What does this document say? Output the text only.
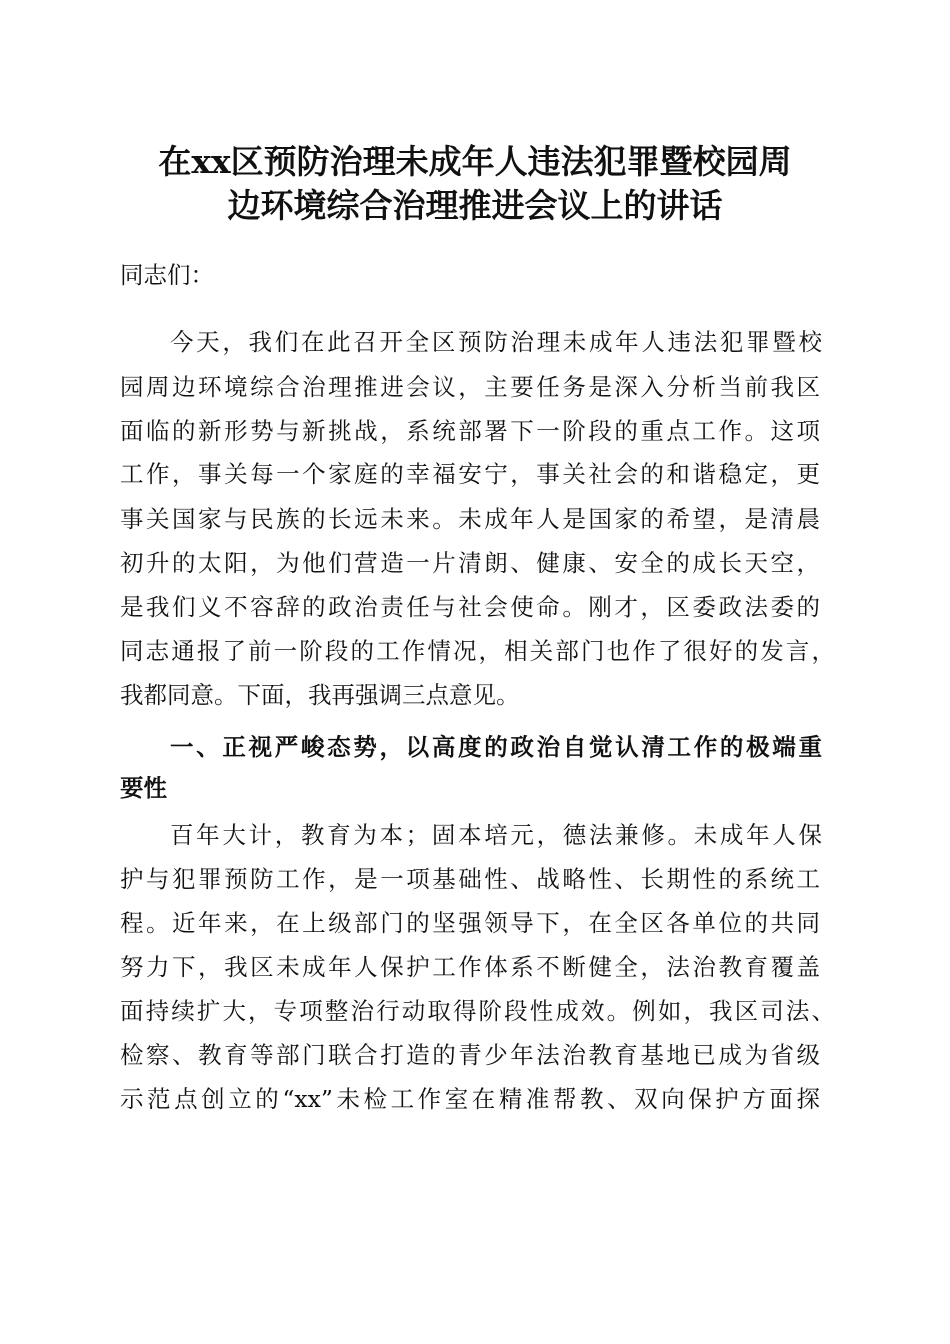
在xx区预防治理未成年人违法犯罪暨校园周
边环境综合治理推进会议上的讲话
同志们：
今天，我们在此召开全区预防治理未成年人违法犯罪暨校
园周边环境综合治理推进会议，主要任务是深入分析当前我区
面临的新形势与新挑战，系统部署下一阶段的重点工作。这项
工作，事关每一个家庭的幸福安宁，事关社会的和谐稳定，更
事关国家与民族的长远未来。未成年人是国家的希望，是清晨
初升的太阳，为他们营造一片清朗、健康、安全的成长天空，
是我们义不容辞的政治责任与社会使命。刚才，区委政法委的
同志通报了前一阶段的工作情况，相关部门也作了很好的发言，
我都同意。下面，我再强调三点意见。
一、正视严峻态势，以高度的政治自觉认清工作的极端重
要性
百年大计，教育为本；固本培元，德法兼修。未成年人保
护与犯罪预防工作，是一项基础性、战略性、长期性的系统工
程。近年来，在上级部门的坚强领导下，在全区各单位的共同
努力下，我区未成年人保护工作体系不断健全，法治教育覆盖
面持续扩大，专项整治行动取得阶段性成效。例如，我区司法、
检察、教育等部门联合打造的青少年法治教育基地已成为省级
示范点创立的“xx”未检工作室在精准帮教、双向保护方面探
